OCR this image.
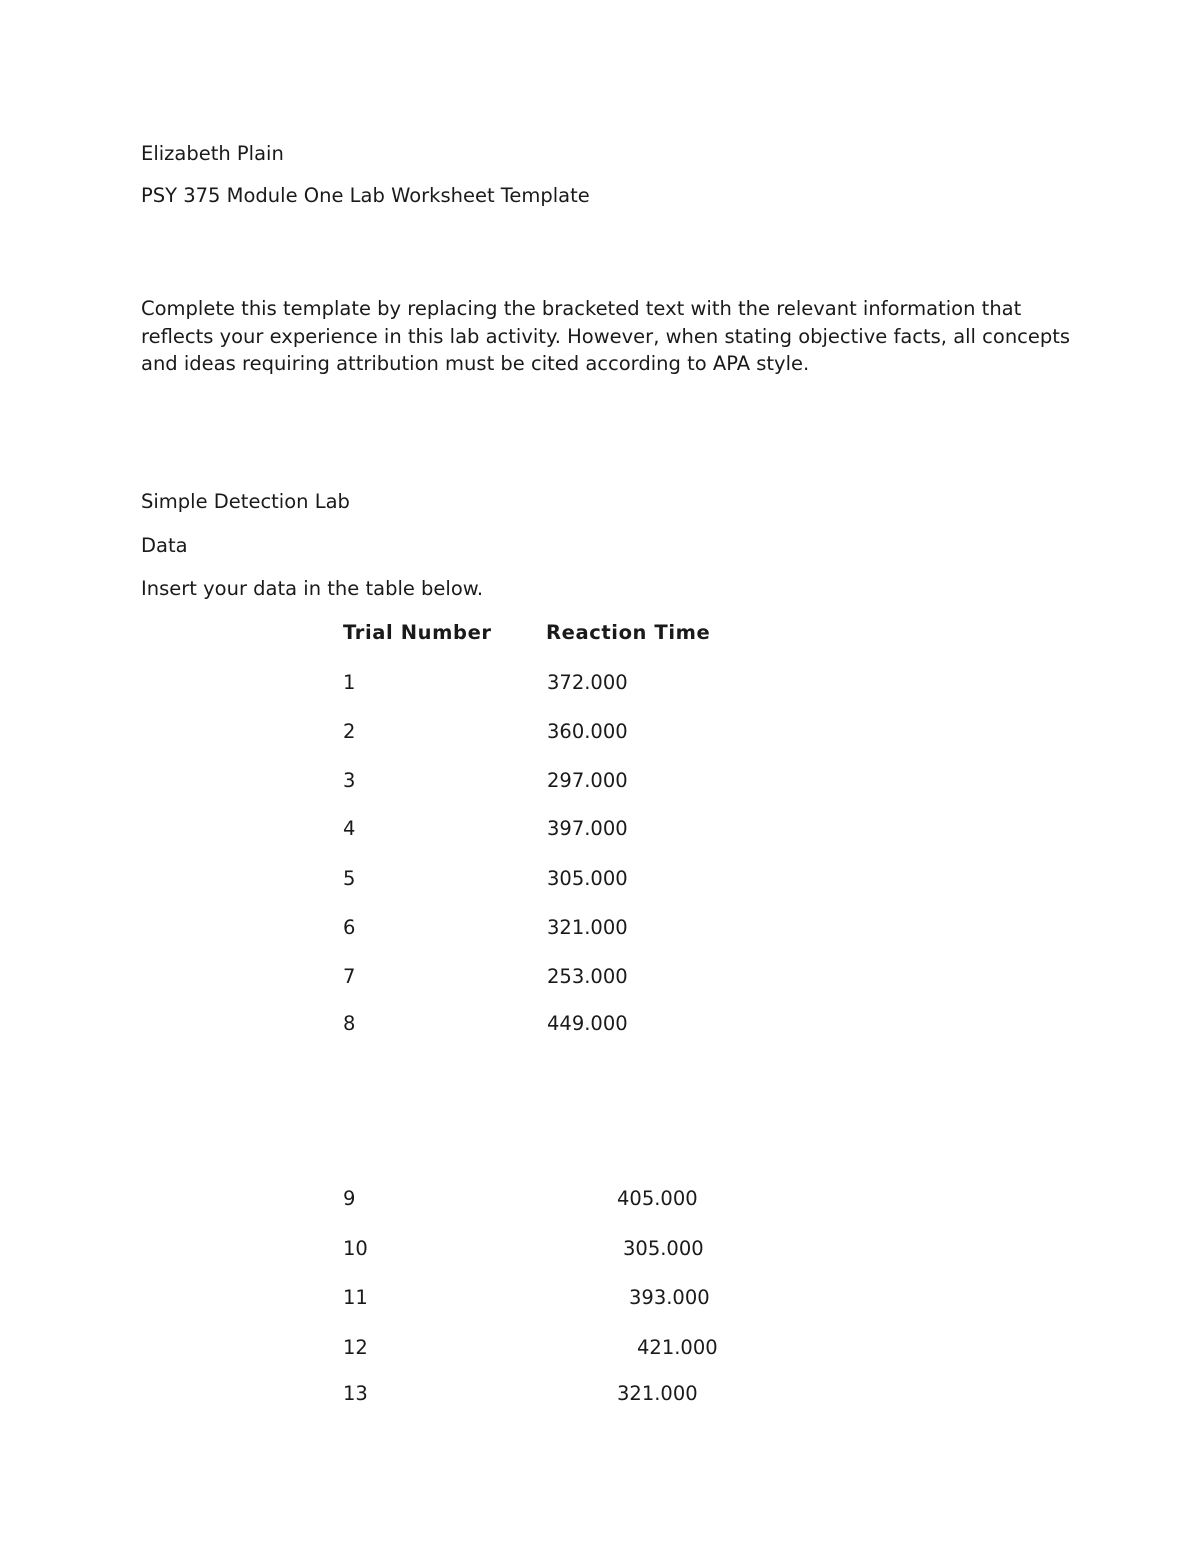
Elizabeth Plain
PSY 375 Module One Lab Worksheet Template
Complete this template by replacing the bracketed text with the relevant information that reflects your experience in this lab activity. However, when stating objective facts, all concepts and ideas requiring attribution must be cited according to APA style.
Simple Detection Lab
Data
Insert your data in the table below.
Trial Number	Reaction Time
1	372.000
2	360.000
3	297.000
4	397.000
5	305.000
6	321.000
7	253.000
8	449.000
9	405.000
10	305.000
11	393.000
12	421.000
13	321.000
